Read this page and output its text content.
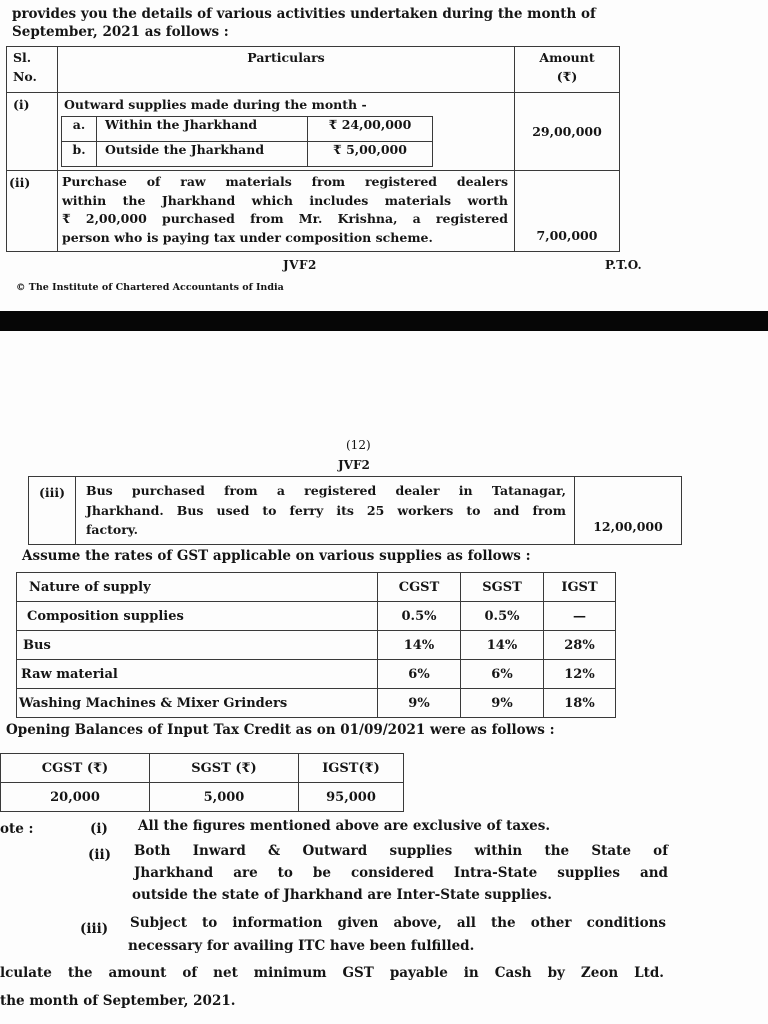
provides you the details of various activities undertaken during the month of
September, 2021 as follows :
Sl.
No.
	Particulars	Amount
(₹)

(i)	Outward supplies made during the month -
a.	Within the Jharkhand	₹ 24,00,000
b.	Outside the Jharkhand	₹ 5,00,000
	29,00,000
(ii)	Purchase of raw materials from registered dealers
within the Jharkhand which includes materials worth
₹ 2,00,000 purchased from Mr. Krishna, a registered
person who is paying tax under composition scheme.	7,00,000
JVF2	P.T.O.
© The Institute of Chartered Accountants of India
(12)
JVF2
(iii)	Bus purchased from a registered dealer in Tatanagar,
Jharkhand. Bus used to ferry its 25 workers to and from
factory.	12,00,000
Assume the rates of GST applicable on various supplies as follows :
Nature of supply	CGST	SGST	IGST
Composition supplies	0.5%	0.5%	—
Bus	14%	14%	28%
Raw material	6%	6%	12%
Washing Machines & Mixer Grinders	9%	9%	18%
Opening Balances of Input Tax Credit as on 01/09/2021 were as follows :
CGST (₹)	SGST (₹)	IGST(₹)
20,000	5,000	95,000
ote :	(i) All the figures mentioned above are exclusive of taxes.
(ii) Both Inward & Outward supplies within the State of
Jharkhand are to be considered Intra-State supplies and
outside the state of Jharkhand are Inter-State supplies.
(iii) Subject to information given above, all the other conditions
necessary for availing ITC have been fulfilled.
lculate the amount of net minimum GST payable in Cash by Zeon Ltd.
the month of September, 2021.
